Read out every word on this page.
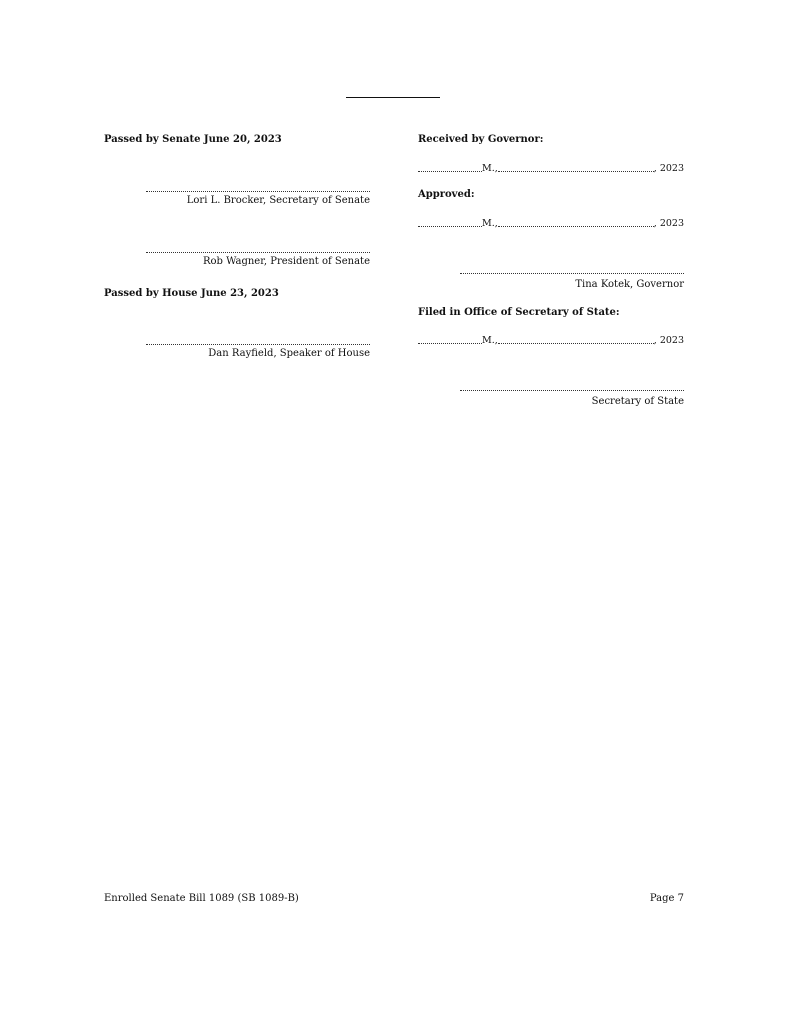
Passed by Senate June 20, 2023
Lori L. Brocker, Secretary of Senate
Rob Wagner, President of Senate
Passed by House June 23, 2023
Dan Rayfield, Speaker of House
Received by Governor:
M.,	, 2023
Approved:
M.,	, 2023
Tina Kotek, Governor
Filed in Office of Secretary of State:
M.,	, 2023
Secretary of State
Enrolled Senate Bill 1089 (SB 1089-B)	Page 7
